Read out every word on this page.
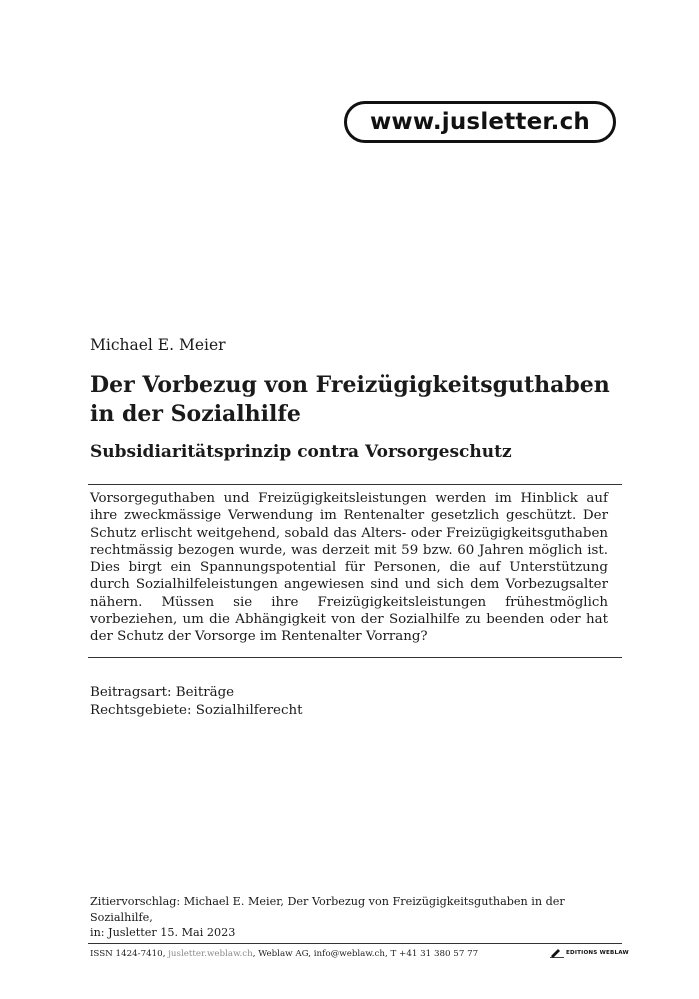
www.jusletter.ch
Michael E. Meier
Der Vorbezug von Freizügigkeitsguthaben in der Sozialhilfe
Subsidiaritätsprinzip contra Vorsorgeschutz

Vorsorgeguthaben und Freizügigkeitsleistungen werden im Hinblick auf ihre zweckmässige Verwendung im Rentenalter gesetzlich geschützt. Der Schutz erlischt weitgehend, sobald das Alters- oder Freizügigkeitsguthaben rechtmässig bezogen wurde, was derzeit mit 59 bzw. 60 Jahren möglich ist. Dies birgt ein Spannungspotential für Personen, die auf Unterstützung durch Sozialhilfeleistungen angewiesen sind und sich dem Vorbezugsalter nähern. Müssen sie ihre Freizügigkeitsleistungen frühestmöglich vorbeziehen, um die Abhängigkeit von der Sozialhilfe zu beenden oder hat der Schutz der Vorsorge im Rentenalter Vorrang?

Beitragsart: Beiträge
Rechtsgebiete: Sozialhilferecht
Zitiervorschlag: Michael E. Meier, Der Vorbezug von Freizügigkeitsguthaben in der Sozialhilfe,
in: Jusletter 15. Mai 2023
ISSN 1424-7410, jusletter.weblaw.ch, Weblaw AG, info@weblaw.ch, T +41 31 380 57 77	EDITIONS WEBLAW
